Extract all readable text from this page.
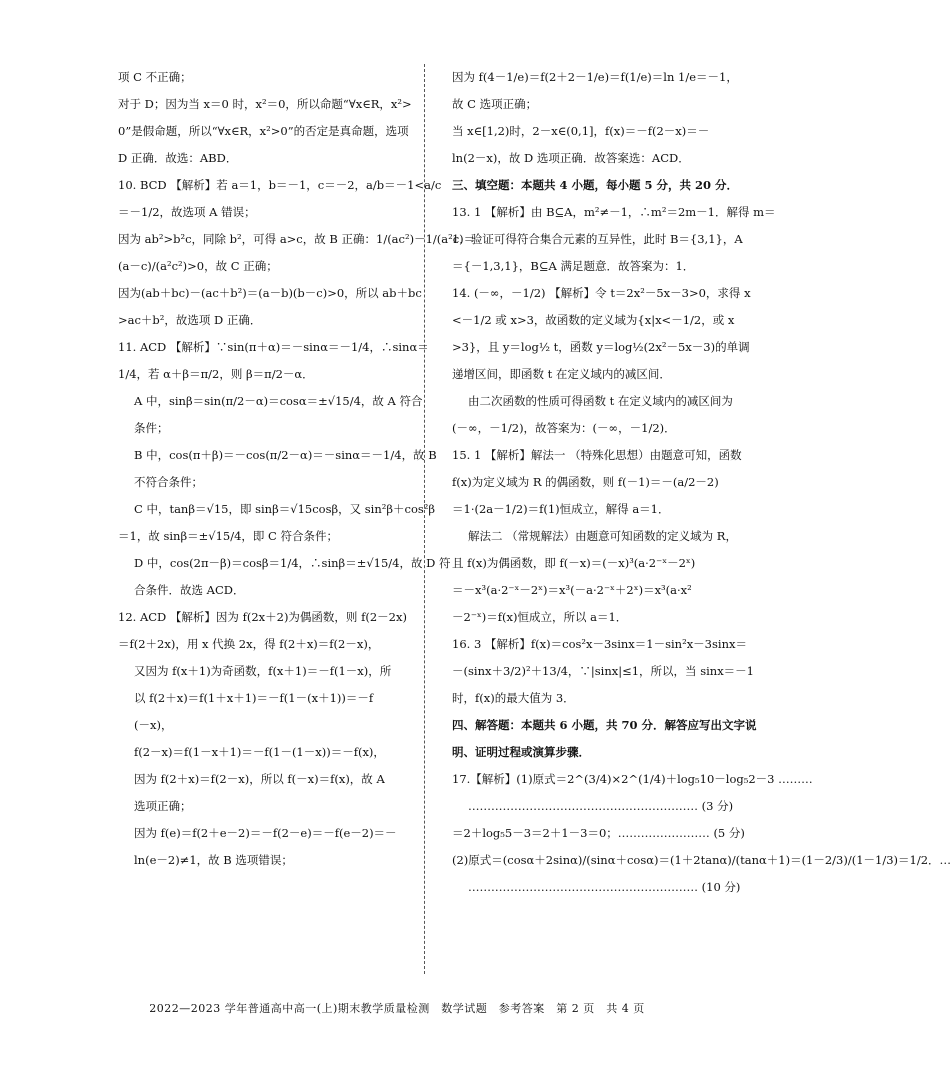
项 C 不正确；

对于 D；因为当 x＝0 时，x²＝0，所以命题“∀x∈R，x²>

0”是假命题，所以“∀x∈R，x²>0”的否定是真命题，选项

D 正确．故选：ABD．

10. BCD 【解析】若 a＝1，b＝－1，c＝－2，a/b＝－1<a/c

＝－1/2，故选项 A 错误；

因为 ab²>b²c，同除 b²，可得 a>c，故 B 正确：1/(ac²)－1/(a²c)＝

(a－c)/(a²c²)>0，故 C 正确；

因为(ab＋bc)－(ac＋b²)＝(a－b)(b－c)>0，所以 ab＋bc

>ac＋b²，故选项 D 正确．

11. ACD 【解析】∵sin(π＋α)＝－sinα＝－1/4，∴sinα＝

1/4，若 α＋β＝π/2，则 β＝π/2－α．

A 中，sinβ＝sin(π/2－α)＝cosα＝±√15/4，故 A 符合

条件；

B 中，cos(π＋β)＝－cos(π/2－α)＝－sinα＝－1/4，故 B

不符合条件；

C 中，tanβ＝√15，即 sinβ＝√15cosβ，又 sin²β＋cos²β

＝1，故 sinβ＝±√15/4，即 C 符合条件；

D 中，cos(2π－β)＝cosβ＝1/4，∴sinβ＝±√15/4，故 D 符

合条件．故选 ACD．

12. ACD 【解析】因为 f(2x＋2)为偶函数，则 f(2－2x)

＝f(2＋2x)，用 x 代换 2x，得 f(2＋x)＝f(2－x)，

又因为 f(x＋1)为奇函数，f(x＋1)＝－f(1－x)，所

以 f(2＋x)＝f(1＋x＋1)＝－f(1－(x＋1))＝－f

(－x)，

f(2－x)＝f(1－x＋1)＝－f(1－(1－x))＝－f(x)，

因为 f(2＋x)＝f(2－x)，所以 f(－x)＝f(x)，故 A

选项正确；

因为 f(e)＝f(2＋e－2)＝－f(2－e)＝－f(e－2)＝－

ln(e－2)≠1，故 B 选项错误；

因为 f(4－1/e)＝f(2＋2－1/e)＝f(1/e)＝ln 1/e＝－1，

故 C 选项正确；

当 x∈[1,2)时，2－x∈(0,1]，f(x)＝－f(2－x)＝－

ln(2－x)，故 D 选项正确．故答案选：ACD．

三、填空题：本题共 4 小题，每小题 5 分，共 20 分．

13. 1 【解析】由 B⊆A，m²≠－1，∴m²＝2m－1．解得 m＝

1．验证可得符合集合元素的互异性，此时 B＝{3,1}，A

＝{－1,3,1}，B⊆A 满足题意．故答案为：1．

14. (－∞，－1/2) 【解析】令 t＝2x²－5x－3>0，求得 x

<－1/2 或 x>3，故函数的定义域为{x|x<－1/2，或 x

>3}，且 y＝log½ t，函数 y＝log½(2x²－5x－3)的单调

递增区间，即函数 t 在定义域内的减区间．

由二次函数的性质可得函数 t 在定义域内的减区间为

(－∞，－1/2)，故答案为：(－∞，－1/2)．

15. 1 【解析】解法一 （特殊化思想）由题意可知，函数

f(x)为定义域为 R 的偶函数，则 f(－1)＝－(a/2－2)

＝1·(2a－1/2)＝f(1)恒成立，解得 a＝1．

解法二 （常规解法）由题意可知函数的定义域为 R，

且 f(x)为偶函数，即 f(－x)＝(－x)³(a·2⁻ˣ－2ˣ)

＝－x³(a·2⁻ˣ－2ˣ)＝x³(－a·2⁻ˣ＋2ˣ)＝x³(a·x²

－2⁻ˣ)＝f(x)恒成立，所以 a＝1．

16. 3 【解析】f(x)＝cos²x－3sinx＝1－sin²x－3sinx＝

－(sinx＋3/2)²＋13/4，∵|sinx|≤1，所以，当 sinx＝－1

时，f(x)的最大值为 3．

四、解答题：本题共 6 小题，共 70 分．解答应写出文字说

明、证明过程或演算步骤．

17.【解析】(1)原式＝2^(3/4)×2^(1/4)＋log₅10－log₅2－3 ………

…………………………………………………… (3 分)

＝2＋log₅5－3＝2＋1－3＝0；…………………… (5 分)

(2)原式＝(cosα＋2sinα)/(sinα＋cosα)＝(1＋2tanα)/(tanα＋1)＝(1－2/3)/(1－1/3)＝1/2．…

…………………………………………………… (10 分)

2022—2023 学年普通高中高一(上)期末教学质量检测　数学试题　参考答案　第 2 页　共 4 页
